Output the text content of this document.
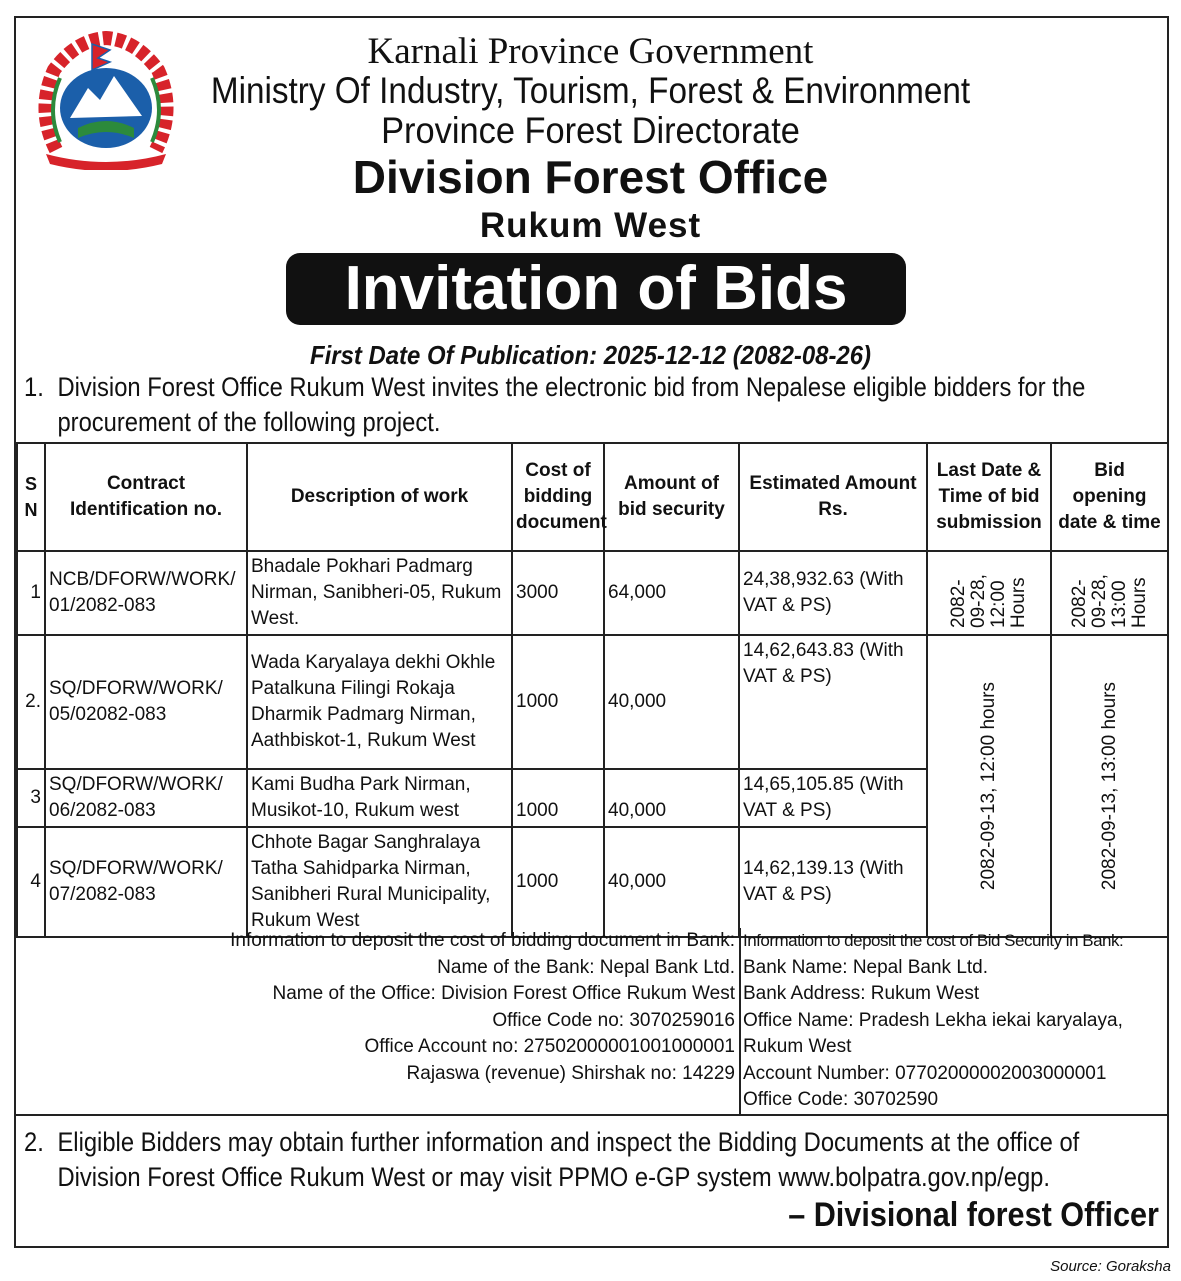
Karnali Province Government
Ministry Of Industry, Tourism, Forest & Environment
Province Forest Directorate
Division Forest Office
Rukum West
Invitation of Bids
First Date Of Publication: 2025-12-12 (2082-08-26)
1. Division Forest Office Rukum West invites the electronic bid from Nepalese eligible bidders for the
procurement of the following project.
S N	Contract Identification no.	Description of work	Cost of bidding document	Amount of bid security	Estimated Amount Rs.	Last Date & Time of bid submission	Bid opening date & time
1	NCB/DFORW/WORK/ 01/2082-083	Bhadale Pokhari Padmarg Nirman, Sanibheri-05, Rukum West.	3000	64,000	24,38,932.63 (With VAT & PS)	2082-09-28, 12:00 Hours	2082-09-28, 13:00 Hours

2.	SQ/DFORW/WORK/ 05/02082-083	Wada Karyalaya dekhi Okhle Patalkuna Filingi Rokaja Dharmik Padmarg Nirman, Aathbiskot-1, Rukum West	1000	40,000	14,62,643.83 (With VAT & PS)	2082-09-13, 12:00 hours	2082-09-13, 13:00 hours

3	SQ/DFORW/WORK/ 06/2082-083	Kami Budha Park Nirman, Musikot-10, Rukum west	1000	40,000	14,65,105.85 (With VAT & PS)		
4	SQ/DFORW/WORK/ 07/2082-083	Chhote Bagar Sanghralaya Tatha Sahidparka Nirman, Sanibheri Rural Municipality, Rukum West	1000	40,000	14,62,139.13 (With VAT & PS)		
Information to deposit the cost of bidding document in Bank:
Name of the Bank: Nepal Bank Ltd.
Name of the Office: Division Forest Office Rukum West
Office Code no: 3070259016
Office Account no: 27502000001001000001
Rajaswa (revenue) Shirshak no: 14229
Information to deposit the cost of Bid Security in Bank:
Bank Name: Nepal Bank Ltd.
Bank Address: Rukum West
Office Name: Pradesh Lekha iekai karyalaya,
Rukum West
Account Number: 07702000002003000001
Office Code: 30702590
2. Eligible Bidders may obtain further information and inspect the Bidding Documents at the office of
Division Forest Office Rukum West or may visit PPMO e-GP system www.bolpatra.gov.np/egp.
– Divisional forest Officer
Source: Goraksha
